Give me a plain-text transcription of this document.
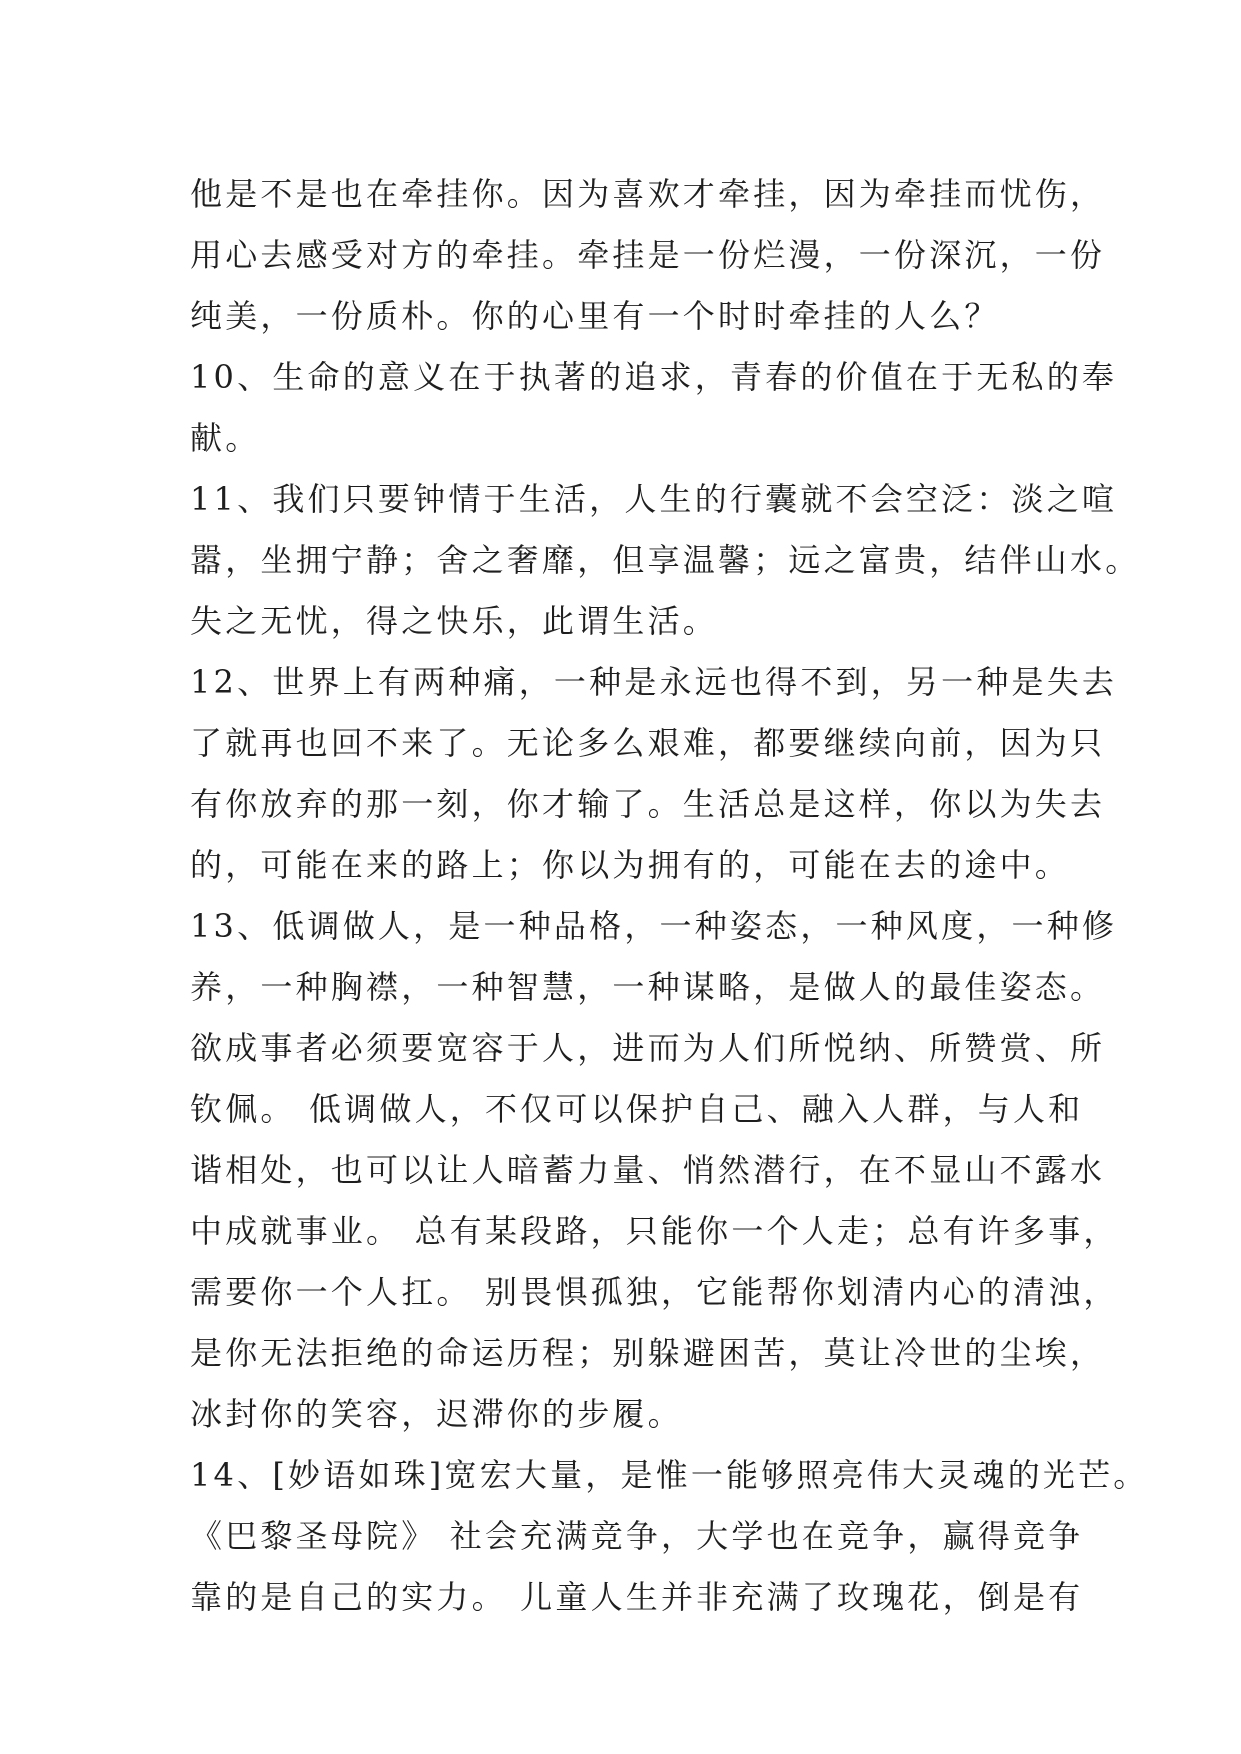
他是不是也在牵挂你。因为喜欢才牵挂，因为牵挂而忧伤，
用心去感受对方的牵挂。牵挂是一份烂漫，一份深沉，一份
纯美，一份质朴。你的心里有一个时时牵挂的人么？
10、生命的意义在于执著的追求，青春的价值在于无私的奉
献。
11、我们只要钟情于生活，人生的行囊就不会空泛：淡之喧
嚣，坐拥宁静；舍之奢靡，但享温馨；远之富贵，结伴山水。
失之无忧，得之快乐，此谓生活。
12、世界上有两种痛，一种是永远也得不到，另一种是失去
了就再也回不来了。无论多么艰难，都要继续向前，因为只
有你放弃的那一刻，你才输了。生活总是这样，你以为失去
的，可能在来的路上；你以为拥有的，可能在去的途中。
13、低调做人，是一种品格，一种姿态，一种风度，一种修
养，一种胸襟，一种智慧，一种谋略，是做人的最佳姿态。
欲成事者必须要宽容于人，进而为人们所悦纳、所赞赏、所
钦佩。 低调做人，不仅可以保护自己、融入人群，与人和
谐相处，也可以让人暗蓄力量、悄然潜行，在不显山不露水
中成就事业。 总有某段路，只能你一个人走；总有许多事，
需要你一个人扛。 别畏惧孤独，它能帮你划清内心的清浊，
是你无法拒绝的命运历程；别躲避困苦，莫让冷世的尘埃，
冰封你的笑容，迟滞你的步履。
14、[妙语如珠]宽宏大量，是惟一能够照亮伟大灵魂的光芒。
《巴黎圣母院》 社会充满竞争，大学也在竞争，赢得竞争
靠的是自己的实力。 儿童人生并非充满了玫瑰花，倒是有
